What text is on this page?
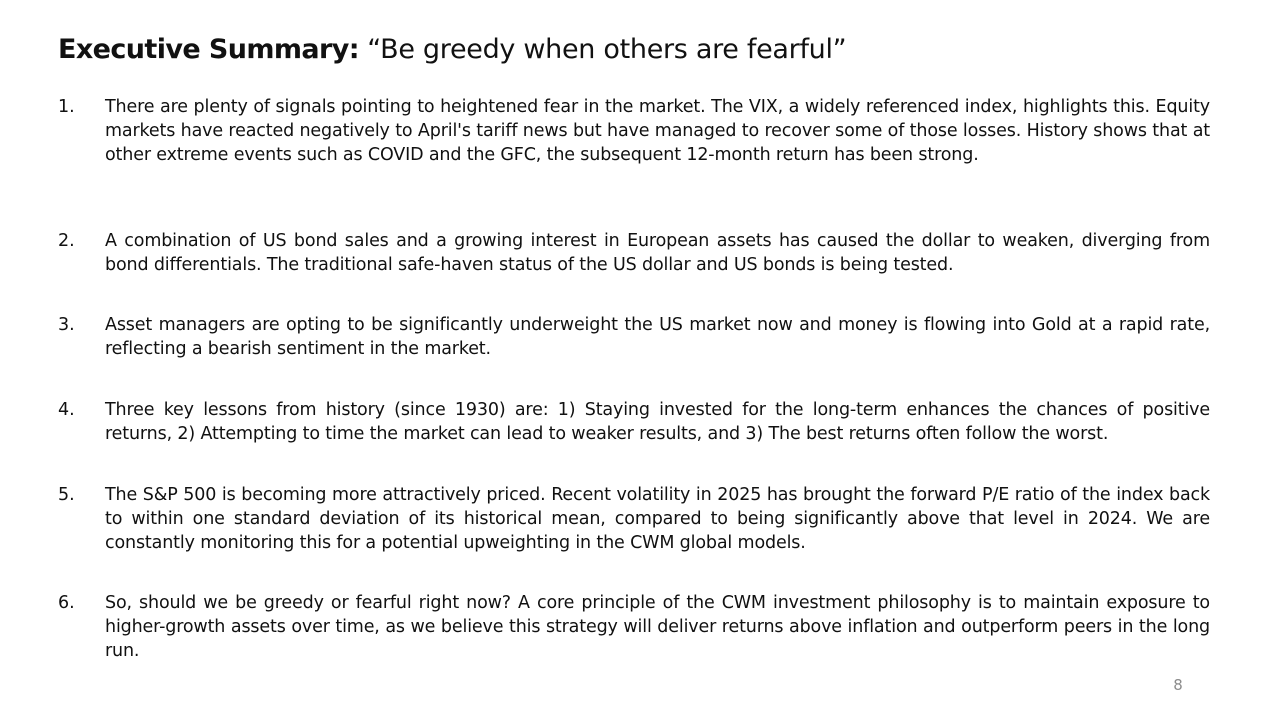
Executive Summary: “Be greedy when others are fearful”
1.	There are plenty of signals pointing to heightened fear in the market. The VIX, a widely referenced index, highlights this. Equity markets have reacted negatively to April's tariff news but have managed to recover some of those losses. History shows that at other extreme events such as COVID and the GFC, the subsequent 12-month return has been strong.
2.	A combination of US bond sales and a growing interest in European assets has caused the dollar to weaken, diverging from bond differentials. The traditional safe-haven status of the US dollar and US bonds is being tested.
3.	Asset managers are opting to be significantly underweight the US market now and money is flowing into Gold at a rapid rate, reflecting a bearish sentiment in the market.
4.	Three key lessons from history (since 1930) are: 1) Staying invested for the long-term enhances the chances of positive returns, 2) Attempting to time the market can lead to weaker results, and 3) The best returns often follow the worst.
5.	The S&P 500 is becoming more attractively priced. Recent volatility in 2025 has brought the forward P/E ratio of the index back to within one standard deviation of its historical mean, compared to being significantly above that level in 2024. We are constantly monitoring this for a potential upweighting in the CWM global models.
6.	So, should we be greedy or fearful right now? A core principle of the CWM investment philosophy is to maintain exposure to higher-growth assets over time, as we believe this strategy will deliver returns above inflation and outperform peers in the long run.
8
